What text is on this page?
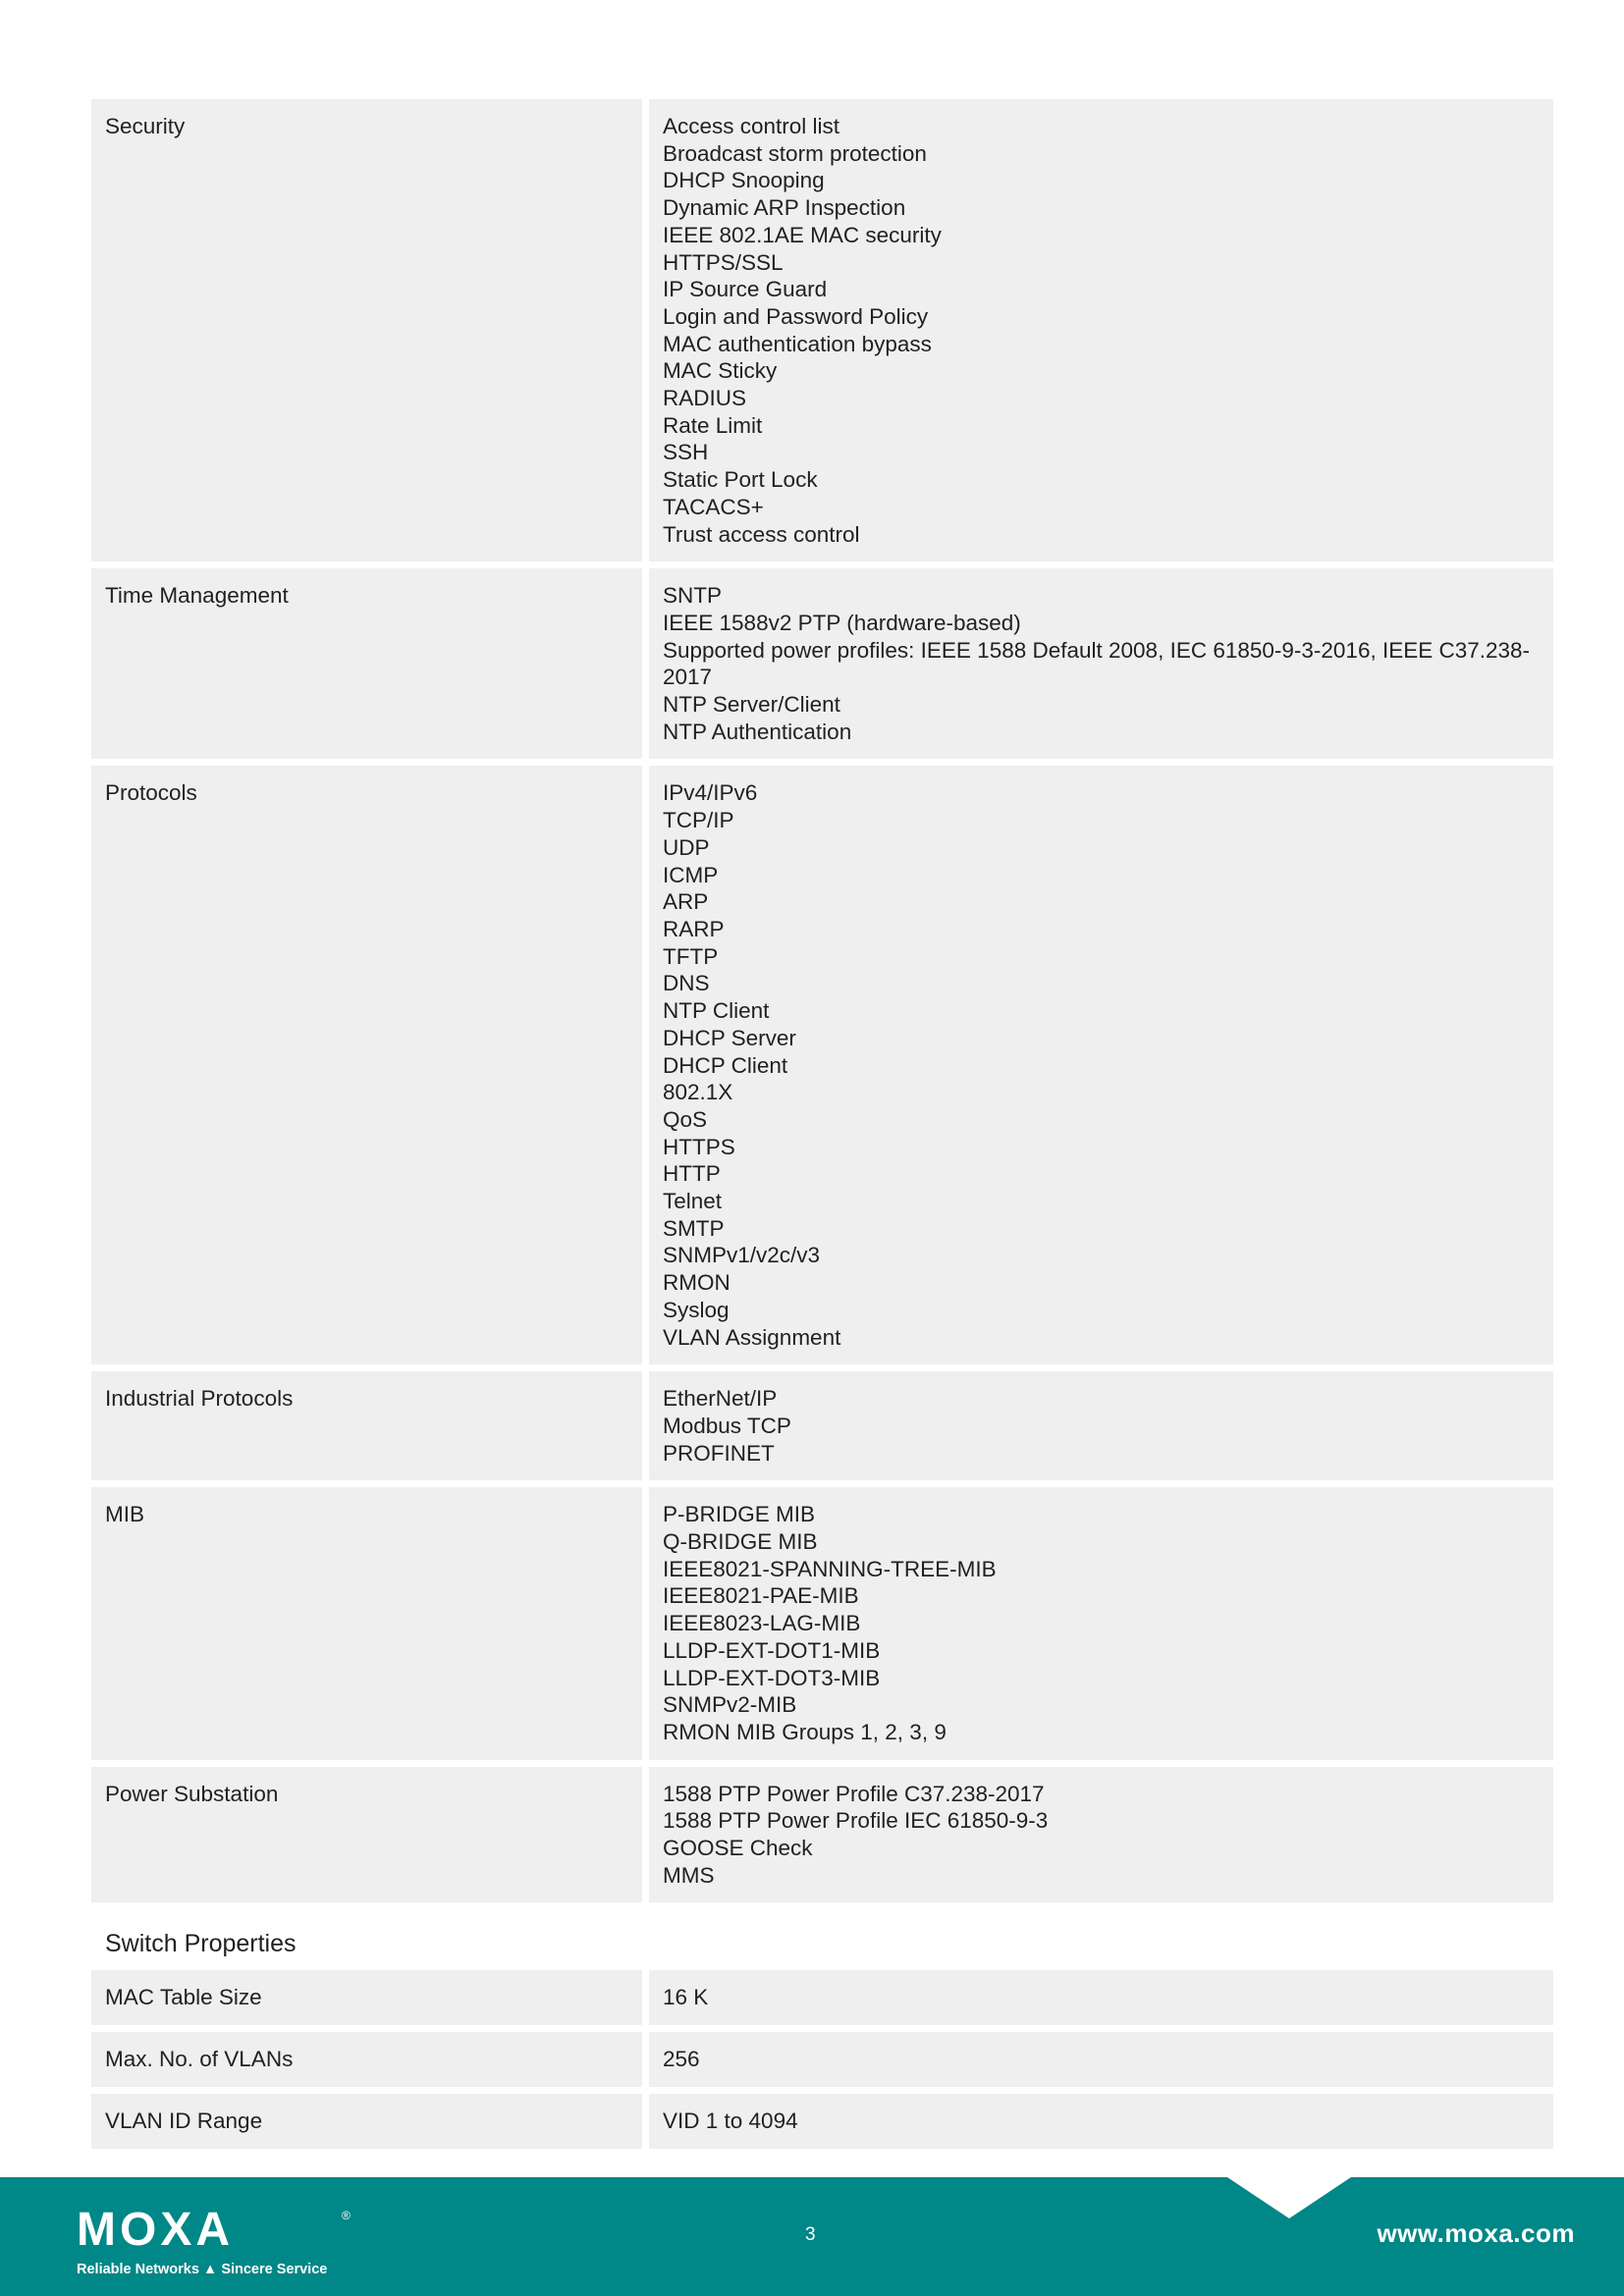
Security	Access control list
Broadcast storm protection
DHCP Snooping
Dynamic ARP Inspection
IEEE 802.1AE MAC security
HTTPS/SSL
IP Source Guard
Login and Password Policy
MAC authentication bypass
MAC Sticky
RADIUS
Rate Limit
SSH
Static Port Lock
TACACS+
Trust access control
Time Management	SNTP
IEEE 1588v2 PTP (hardware-based)
Supported power profiles: IEEE 1588 Default 2008, IEC 61850-9-3-2016, IEEE C37.238-2017
NTP Server/Client
NTP Authentication
Protocols	IPv4/IPv6
TCP/IP
UDP
ICMP
ARP
RARP
TFTP
DNS
NTP Client
DHCP Server
DHCP Client
802.1X
QoS
HTTPS
HTTP
Telnet
SMTP
SNMPv1/v2c/v3
RMON
Syslog
VLAN Assignment
Industrial Protocols	EtherNet/IP
Modbus TCP
PROFINET
MIB	P-BRIDGE MIB
Q-BRIDGE MIB
IEEE8021-SPANNING-TREE-MIB
IEEE8021-PAE-MIB
IEEE8023-LAG-MIB
LLDP-EXT-DOT1-MIB
LLDP-EXT-DOT3-MIB
SNMPv2-MIB
RMON MIB Groups 1, 2, 3, 9
Power Substation	1588 PTP Power Profile C37.238-2017
1588 PTP Power Profile IEC 61850-9-3
GOOSE Check
MMS
Switch Properties
MAC Table Size	16 K
Max. No. of VLANs	256
VLAN ID Range	VID 1 to 4094
MOXA	®
Reliable Networks ▲ Sincere Service
3	www.moxa.com
